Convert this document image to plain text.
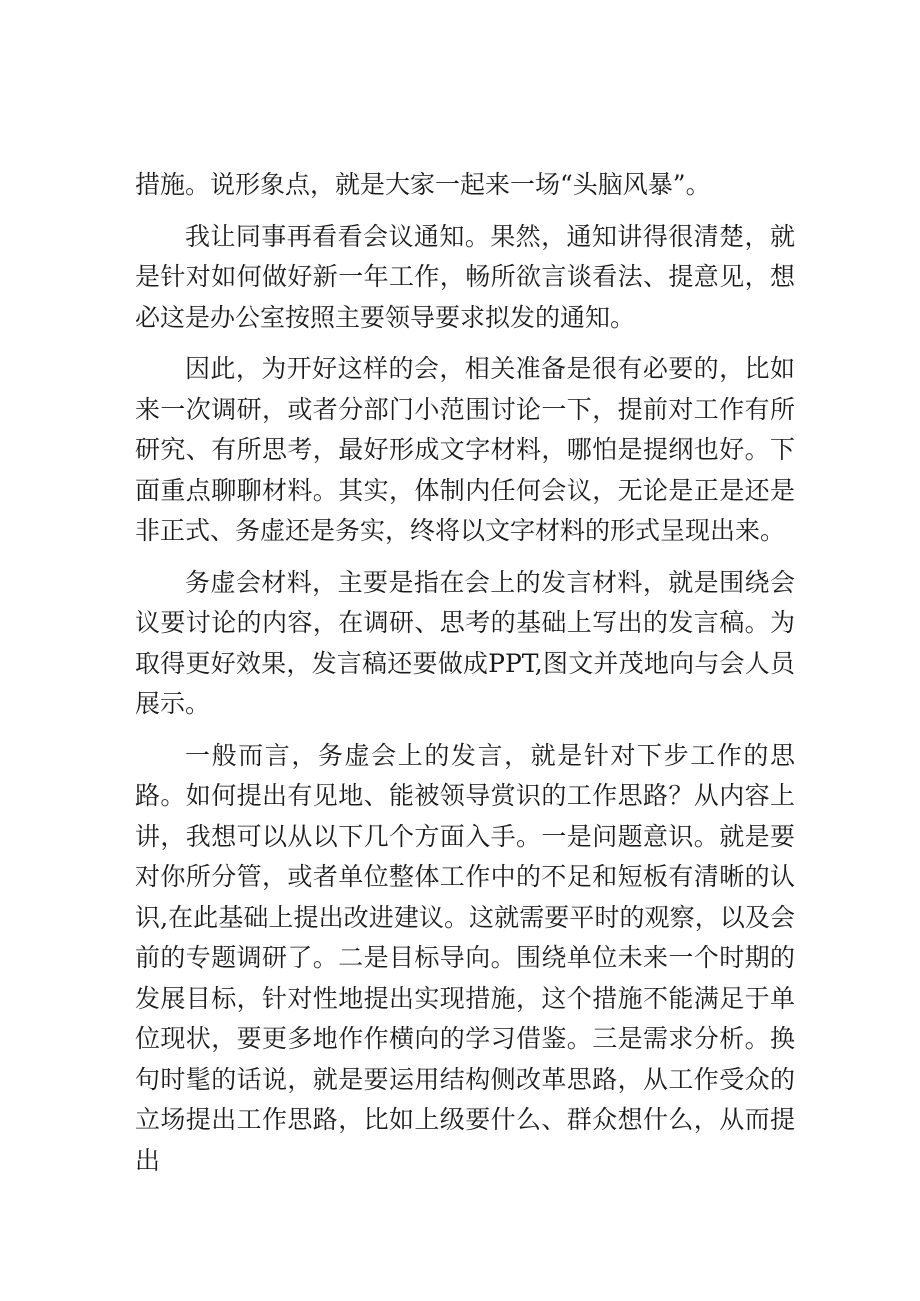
措施。说形象点，就是大家一起来一场“头脑风暴”。

我让同事再看看会议通知。果然，通知讲得很清楚，就是针对如何做好新一年工作，畅所欲言谈看法、提意见，想必这是办公室按照主要领导要求拟发的通知。

因此，为开好这样的会，相关准备是很有必要的，比如来一次调研，或者分部门小范围讨论一下，提前对工作有所研究、有所思考，最好形成文字材料，哪怕是提纲也好。下面重点聊聊材料。其实，体制内任何会议，无论是正是还是非正式、务虚还是务实，终将以文字材料的形式呈现出来。

务虚会材料，主要是指在会上的发言材料，就是围绕会议要讨论的内容，在调研、思考的基础上写出的发言稿。为取得更好效果，发言稿还要做成PPT,图文并茂地向与会人员展示。

一般而言，务虚会上的发言，就是针对下步工作的思路。如何提出有见地、能被领导赏识的工作思路？从内容上讲，我想可以从以下几个方面入手。一是问题意识。就是要对你所分管，或者单位整体工作中的不足和短板有清晰的认识,在此基础上提出改进建议。这就需要平时的观察，以及会前的专题调研了。二是目标导向。围绕单位未来一个时期的发展目标，针对性地提出实现措施，这个措施不能满足于单位现状，要更多地作作横向的学习借鉴。三是需求分析。换句时髦的话说，就是要运用结构侧改革思路，从工作受众的立场提出工作思路，比如上级要什么、群众想什么，从而提出
